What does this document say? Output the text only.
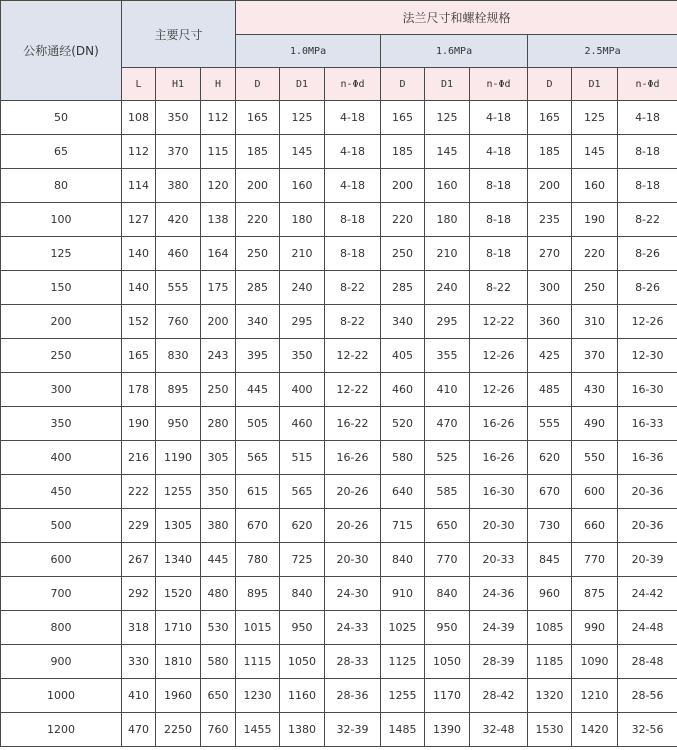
公称通经(DN)	主要尺寸			法兰尺寸和螺栓规格								
				1.0MPa			1.6MPa			2.5MPa		
	L	H1	H	D	D1	n-Φd	D	D1	n-Φd	D	D1	n-Φd
50	108	350	112	165	125	4-18	165	125	4-18	165	125	4-18
65	112	370	115	185	145	4-18	185	145	4-18	185	145	8-18
80	114	380	120	200	160	4-18	200	160	8-18	200	160	8-18
100	127	420	138	220	180	8-18	220	180	8-18	235	190	8-22
125	140	460	164	250	210	8-18	250	210	8-18	270	220	8-26
150	140	555	175	285	240	8-22	285	240	8-22	300	250	8-26
200	152	760	200	340	295	8-22	340	295	12-22	360	310	12-26
250	165	830	243	395	350	12-22	405	355	12-26	425	370	12-30
300	178	895	250	445	400	12-22	460	410	12-26	485	430	16-30
350	190	950	280	505	460	16-22	520	470	16-26	555	490	16-33
400	216	1190	305	565	515	16-26	580	525	16-26	620	550	16-36
450	222	1255	350	615	565	20-26	640	585	16-30	670	600	20-36
500	229	1305	380	670	620	20-26	715	650	20-30	730	660	20-36
600	267	1340	445	780	725	20-30	840	770	20-33	845	770	20-39
700	292	1520	480	895	840	24-30	910	840	24-36	960	875	24-42
800	318	1710	530	1015	950	24-33	1025	950	24-39	1085	990	24-48
900	330	1810	580	1115	1050	28-33	1125	1050	28-39	1185	1090	28-48
1000	410	1960	650	1230	1160	28-36	1255	1170	28-42	1320	1210	28-56
1200	470	2250	760	1455	1380	32-39	1485	1390	32-48	1530	1420	32-56
